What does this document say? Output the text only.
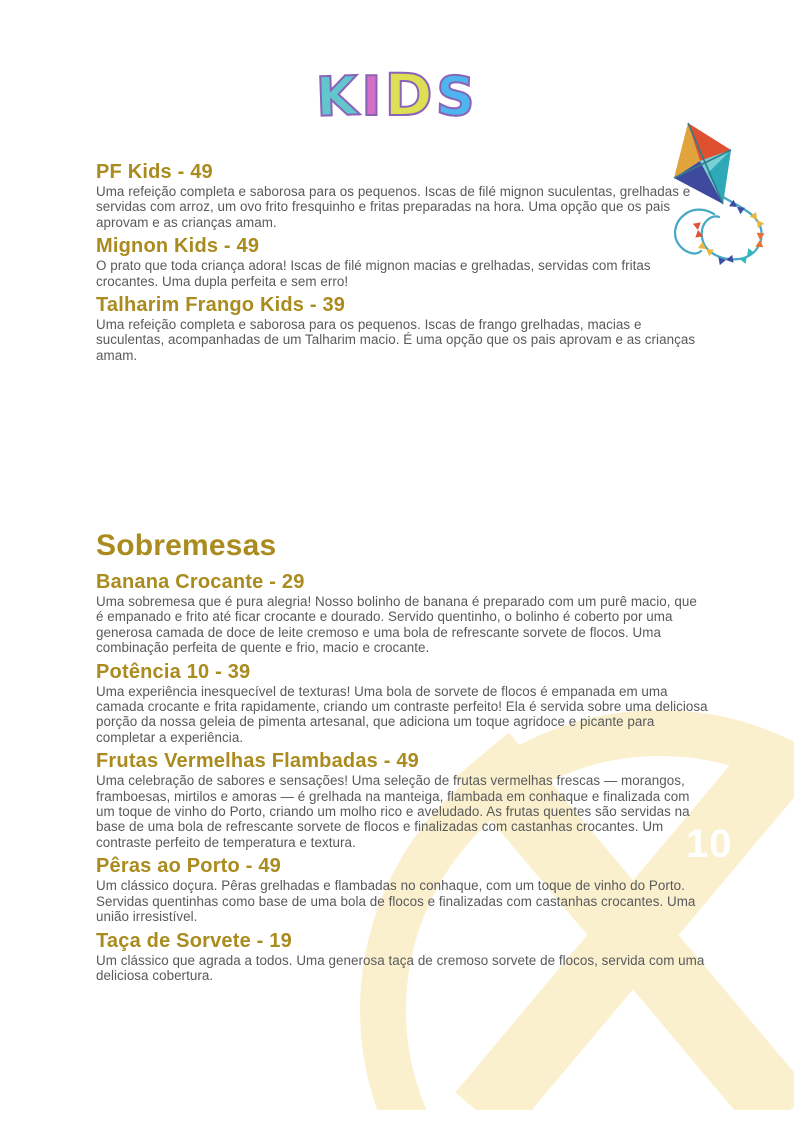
10
KIDS
PF Kids - 49

Uma refeição completa e saborosa para os pequenos. Iscas de filé mignon suculentas, grelhadas e servidas com arroz, um ovo frito fresquinho e fritas preparadas na hora. Uma opção que os pais aprovam e as crianças amam.

Mignon Kids - 49

O prato que toda criança adora! Iscas de filé mignon macias e grelhadas, servidas com fritas crocantes. Uma dupla perfeita e sem erro!

Talharim Frango Kids - 39

Uma refeição completa e saborosa para os pequenos. Iscas de frango grelhadas, macias e suculentas, acompanhadas de um Talharim macio. É uma opção que os pais aprovam e as crianças amam.

Sobremesas
Banana Crocante - 29

Uma sobremesa que é pura alegria! Nosso bolinho de banana é preparado com um purê macio, que é empanado e frito até ficar crocante e dourado. Servido quentinho, o bolinho é coberto por uma generosa camada de doce de leite cremoso e uma bola de refrescante sorvete de flocos. Uma combinação perfeita de quente e frio, macio e crocante.

Potência 10 - 39

Uma experiência inesquecível de texturas! Uma bola de sorvete de flocos é empanada em uma camada crocante e frita rapidamente, criando um contraste perfeito! Ela é servida sobre uma deliciosa porção da nossa geleia de pimenta artesanal, que adiciona um toque agridoce e picante para completar a experiência.

Frutas Vermelhas Flambadas - 49

Uma celebração de sabores e sensações! Uma seleção de frutas vermelhas frescas — morangos, framboesas, mirtilos e amoras — é grelhada na manteiga, flambada em conhaque e finalizada com um toque de vinho do Porto, criando um molho rico e aveludado. As frutas quentes são servidas na base de uma bola de refrescante sorvete de flocos e finalizadas com castanhas crocantes. Um contraste perfeito de temperatura e textura.

Pêras ao Porto - 49

Um clássico doçura. Pêras grelhadas e flambadas no conhaque, com um toque de vinho do Porto. Servidas quentinhas como base de uma bola de flocos e finalizadas com castanhas crocantes. Uma união irresistível.

Taça de Sorvete - 19

Um clássico que agrada a todos. Uma generosa taça de cremoso sorvete de flocos, servida com uma deliciosa cobertura.
